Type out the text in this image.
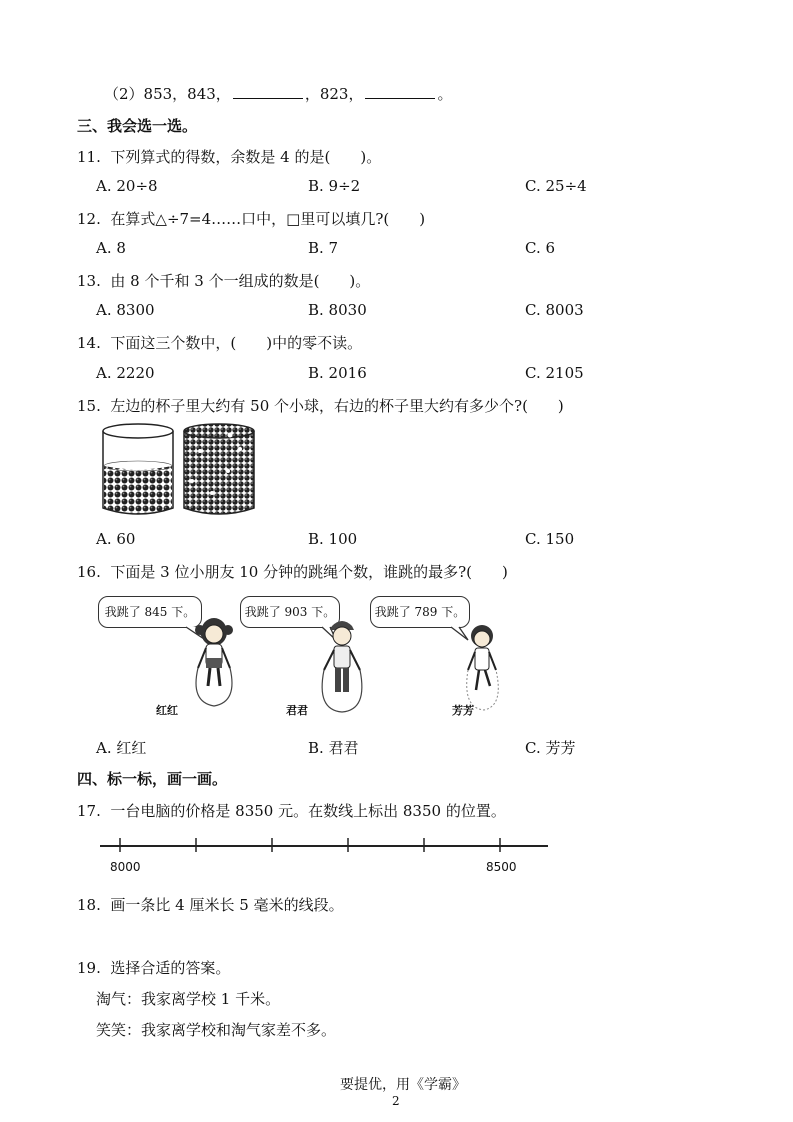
（2）853，843，	，823，	。
三、我会选一选。
11. 下列算式的得数，余数是 4 的是(　　)。
A. 20÷8	B. 9÷2	C. 25÷4
12. 在算式△÷7=4……口中，□里可以填几?(　　)
A. 8	B. 7	C. 6
13. 由 8 个千和 3 个一组成的数是(　　)。
A. 8300	B. 8030	C. 8003
14. 下面这三个数中，(　　)中的零不读。
A. 2220	B. 2016	C. 2105
15. 左边的杯子里大约有 50 个小球，右边的杯子里大约有多少个?(　　)
A. 60	B. 100	C. 150
16. 下面是 3 位小朋友 10 分钟的跳绳个数，谁跳的最多?(　　)
我跳了 845 下。	我跳了 903 下。	我跳了 789 下。
红红	君君	芳芳
A. 红红	B. 君君	C. 芳芳
四、标一标，画一画。
17. 一台电脑的价格是 8350 元。在数线上标出 8350 的位置。
8000	8500
18. 画一条比 4 厘米长 5 毫米的线段。
19. 选择合适的答案。
淘气：我家离学校 1 千米。
笑笑：我家离学校和淘气家差不多。
要提优，用《学霸》
2
